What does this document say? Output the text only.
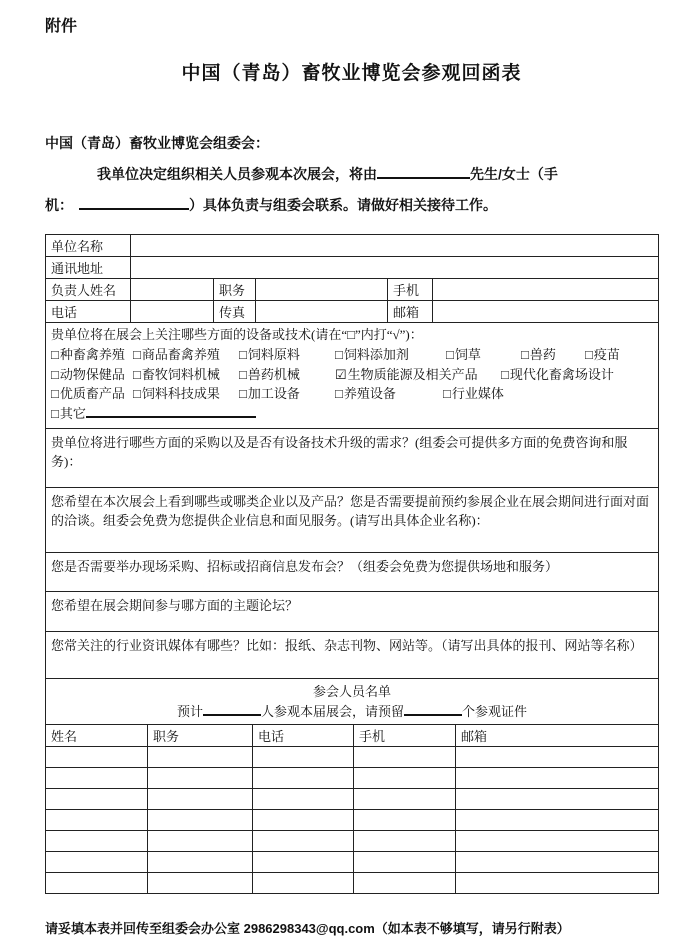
附件
中国（青岛）畜牧业博览会参观回函表
中国（青岛）畜牧业博览会组委会：
我单位决定组织相关人员参观本次展会，将由	先生/女士（手
机：	）具体负责与组委会联系。请做好相关接待工作。
单位名称					
通讯地址					
负责人姓名		职务		手机	
电话		传真		邮箱	

贵单位将在展会上关注哪些方面的设备或技术(请在“□”内打“√”)：
□种畜禽养殖 □商品畜禽养殖	□饲料原料	□饲料添加剂	□饲草	□兽药	□疫苗
□动物保健品 □畜牧饲料机械	□兽药机械	☑生物质能源及相关产品	□现代化畜禽场设计
□优质畜产品 □饲料科技成果	□加工设备	□养殖设备	□行业媒体
□其它

贵单位将进行哪些方面的采购以及是否有设备技术升级的需求？(组委会可提供多方面的免费咨询和服务)：					

您希望在本次展会上看到哪些或哪类企业以及产品？您是否需要提前预约参展企业在展会期间进行面对面的洽谈。组委会免费为您提供企业信息和面见服务。(请写出具体企业名称)：					

您是否需要举办现场采购、招标或招商信息发布会？（组委会免费为您提供场地和服务）					

您希望在展会期间参与哪方面的主题论坛？					

您常关注的行业资讯媒体有哪些？比如：报纸、杂志刊物、网站等。（请写出具体的报刊、网站等名称）					
参会人员名单
预计 人参观本届展会，请预留 个参观证件				

姓名	职务	电话	手机	邮箱

请妥填本表并回传至组委会办公室 2986298343@qq.com（如本表不够填写，请另行附表）
